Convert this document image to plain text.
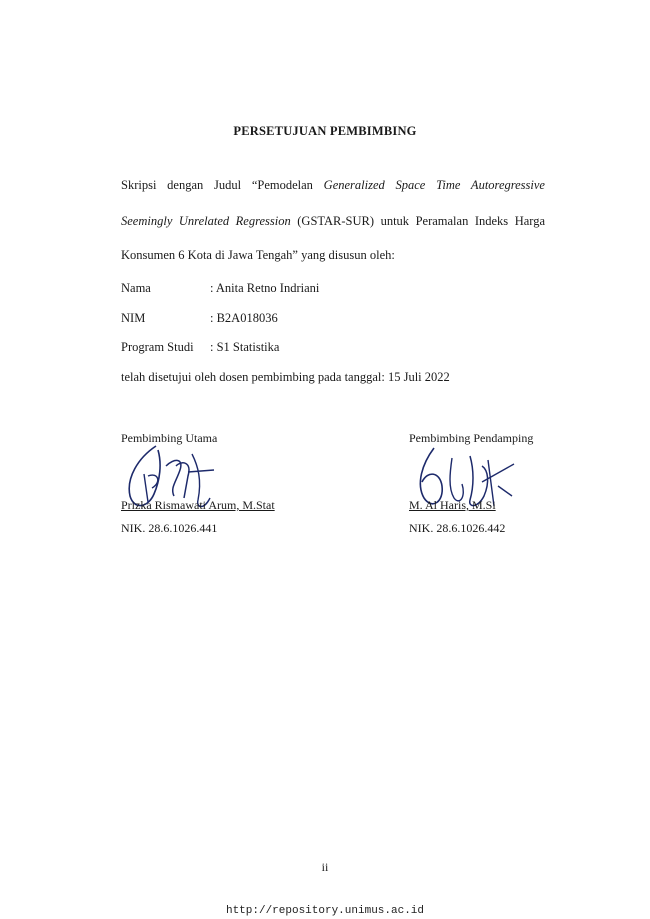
PERSETUJUAN PEMBIMBING
Skripsi dengan Judul “Pemodelan Generalized Space Time Autoregressive
Seemingly Unrelated Regression (GSTAR-SUR) untuk Peramalan Indeks Harga
Konsumen 6 Kota di Jawa Tengah” yang disusun oleh:
Nama	: Anita Retno Indriani
NIM	: B2A018036
Program Studi : S1 Statistika
telah disetujui oleh dosen pembimbing pada tanggal: 15 Juli 2022
Pembimbing Utama
Prizka Rismawati Arum, M.Stat
NIK. 28.6.1026.441
Pembimbing Pendamping
M. Al Haris, M.Si
NIK. 28.6.1026.442
ii
http://repository.unimus.ac.id
